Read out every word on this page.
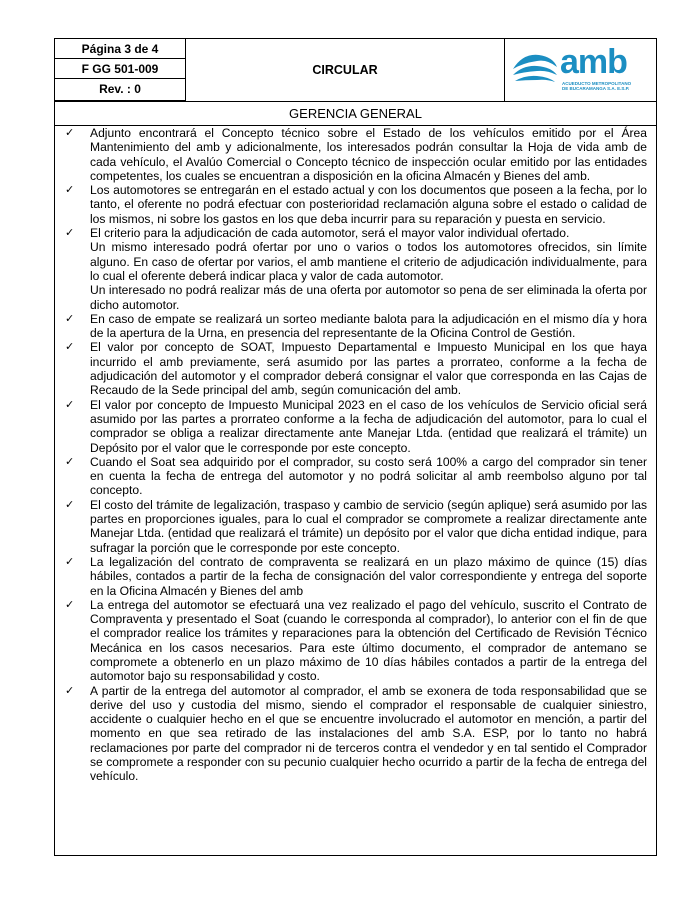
Página 3 de 4
F GG 501-009
Rev. : 0
CIRCULAR	amb
ACUEDUCTO METROPOLITANO
DE BUCARAMANGA S.A. E.S.P.
GERENCIA GENERAL
✓ Adjunto encontrará el Concepto técnico sobre el Estado de los vehículos emitido por el Área Mantenimiento del amb y adicionalmente, los interesados podrán consultar la Hoja de vida amb de cada vehículo, el Avalúo Comercial o Concepto técnico de inspección ocular emitido por las entidades competentes, los cuales se encuentran a disposición en la oficina Almacén y Bienes del amb.

✓ Los automotores se entregarán en el estado actual y con los documentos que poseen a la fecha, por lo tanto, el oferente no podrá efectuar con posterioridad reclamación alguna sobre el estado o calidad de los mismos, ni sobre los gastos en los que deba incurrir para su reparación y puesta en servicio.

✓ El criterio para la adjudicación de cada automotor, será el mayor valor individual ofertado.

Un mismo interesado podrá ofertar por uno o varios o todos los automotores ofrecidos, sin límite alguno. En caso de ofertar por varios, el amb mantiene el criterio de adjudicación individualmente, para lo cual el oferente deberá indicar placa y valor de cada automotor.

Un interesado no podrá realizar más de una oferta por automotor so pena de ser eliminada la oferta por dicho automotor.

✓ En caso de empate se realizará un sorteo mediante balota para la adjudicación en el mismo día y hora de la apertura de la Urna, en presencia del representante de la Oficina Control de Gestión.

✓ El valor por concepto de SOAT, Impuesto Departamental e Impuesto Municipal en los que haya incurrido el amb previamente, será asumido por las partes a prorrateo, conforme a la fecha de adjudicación del automotor y el comprador deberá consignar el valor que corresponda en las Cajas de Recaudo de la Sede principal del amb, según comunicación del amb.

✓ El valor por concepto de Impuesto Municipal 2023 en el caso de los vehículos de Servicio oficial será asumido por las partes a prorrateo conforme a la fecha de adjudicación del automotor, para lo cual el comprador se obliga a realizar directamente ante Manejar Ltda. (entidad que realizará el trámite) un Depósito por el valor que le corresponde por este concepto.

✓ Cuando el Soat sea adquirido por el comprador, su costo será 100% a cargo del comprador sin tener en cuenta la fecha de entrega del automotor y no podrá solicitar al amb reembolso alguno por tal concepto.

✓ El costo del trámite de legalización, traspaso y cambio de servicio (según aplique) será asumido por las partes en proporciones iguales, para lo cual el comprador se compromete a realizar directamente ante Manejar Ltda. (entidad que realizará el trámite) un depósito por el valor que dicha entidad indique, para sufragar la porción que le corresponde por este concepto.

✓ La legalización del contrato de compraventa se realizará en un plazo máximo de quince (15) días hábiles, contados a partir de la fecha de consignación del valor correspondiente y entrega del soporte en la Oficina Almacén y Bienes del amb

✓ La entrega del automotor se efectuará una vez realizado el pago del vehículo, suscrito el Contrato de Compraventa y presentado el Soat (cuando le corresponda al comprador), lo anterior con el fin de que el comprador realice los trámites y reparaciones para la obtención del Certificado de Revisión Técnico Mecánica en los casos necesarios. Para este último documento, el comprador de antemano se compromete a obtenerlo en un plazo máximo de 10 días hábiles contados a partir de la entrega del automotor bajo su responsabilidad y costo.

✓ A partir de la entrega del automotor al comprador, el amb se exonera de toda responsabilidad que se derive del uso y custodia del mismo, siendo el comprador el responsable de cualquier siniestro, accidente o cualquier hecho en el que se encuentre involucrado el automotor en mención, a partir del momento en que sea retirado de las instalaciones del amb S.A. ESP, por lo tanto no habrá reclamaciones por parte del comprador ni de terceros contra el vendedor y en tal sentido el Comprador se compromete a responder con su pecunio cualquier hecho ocurrido a partir de la fecha de entrega del vehículo.
